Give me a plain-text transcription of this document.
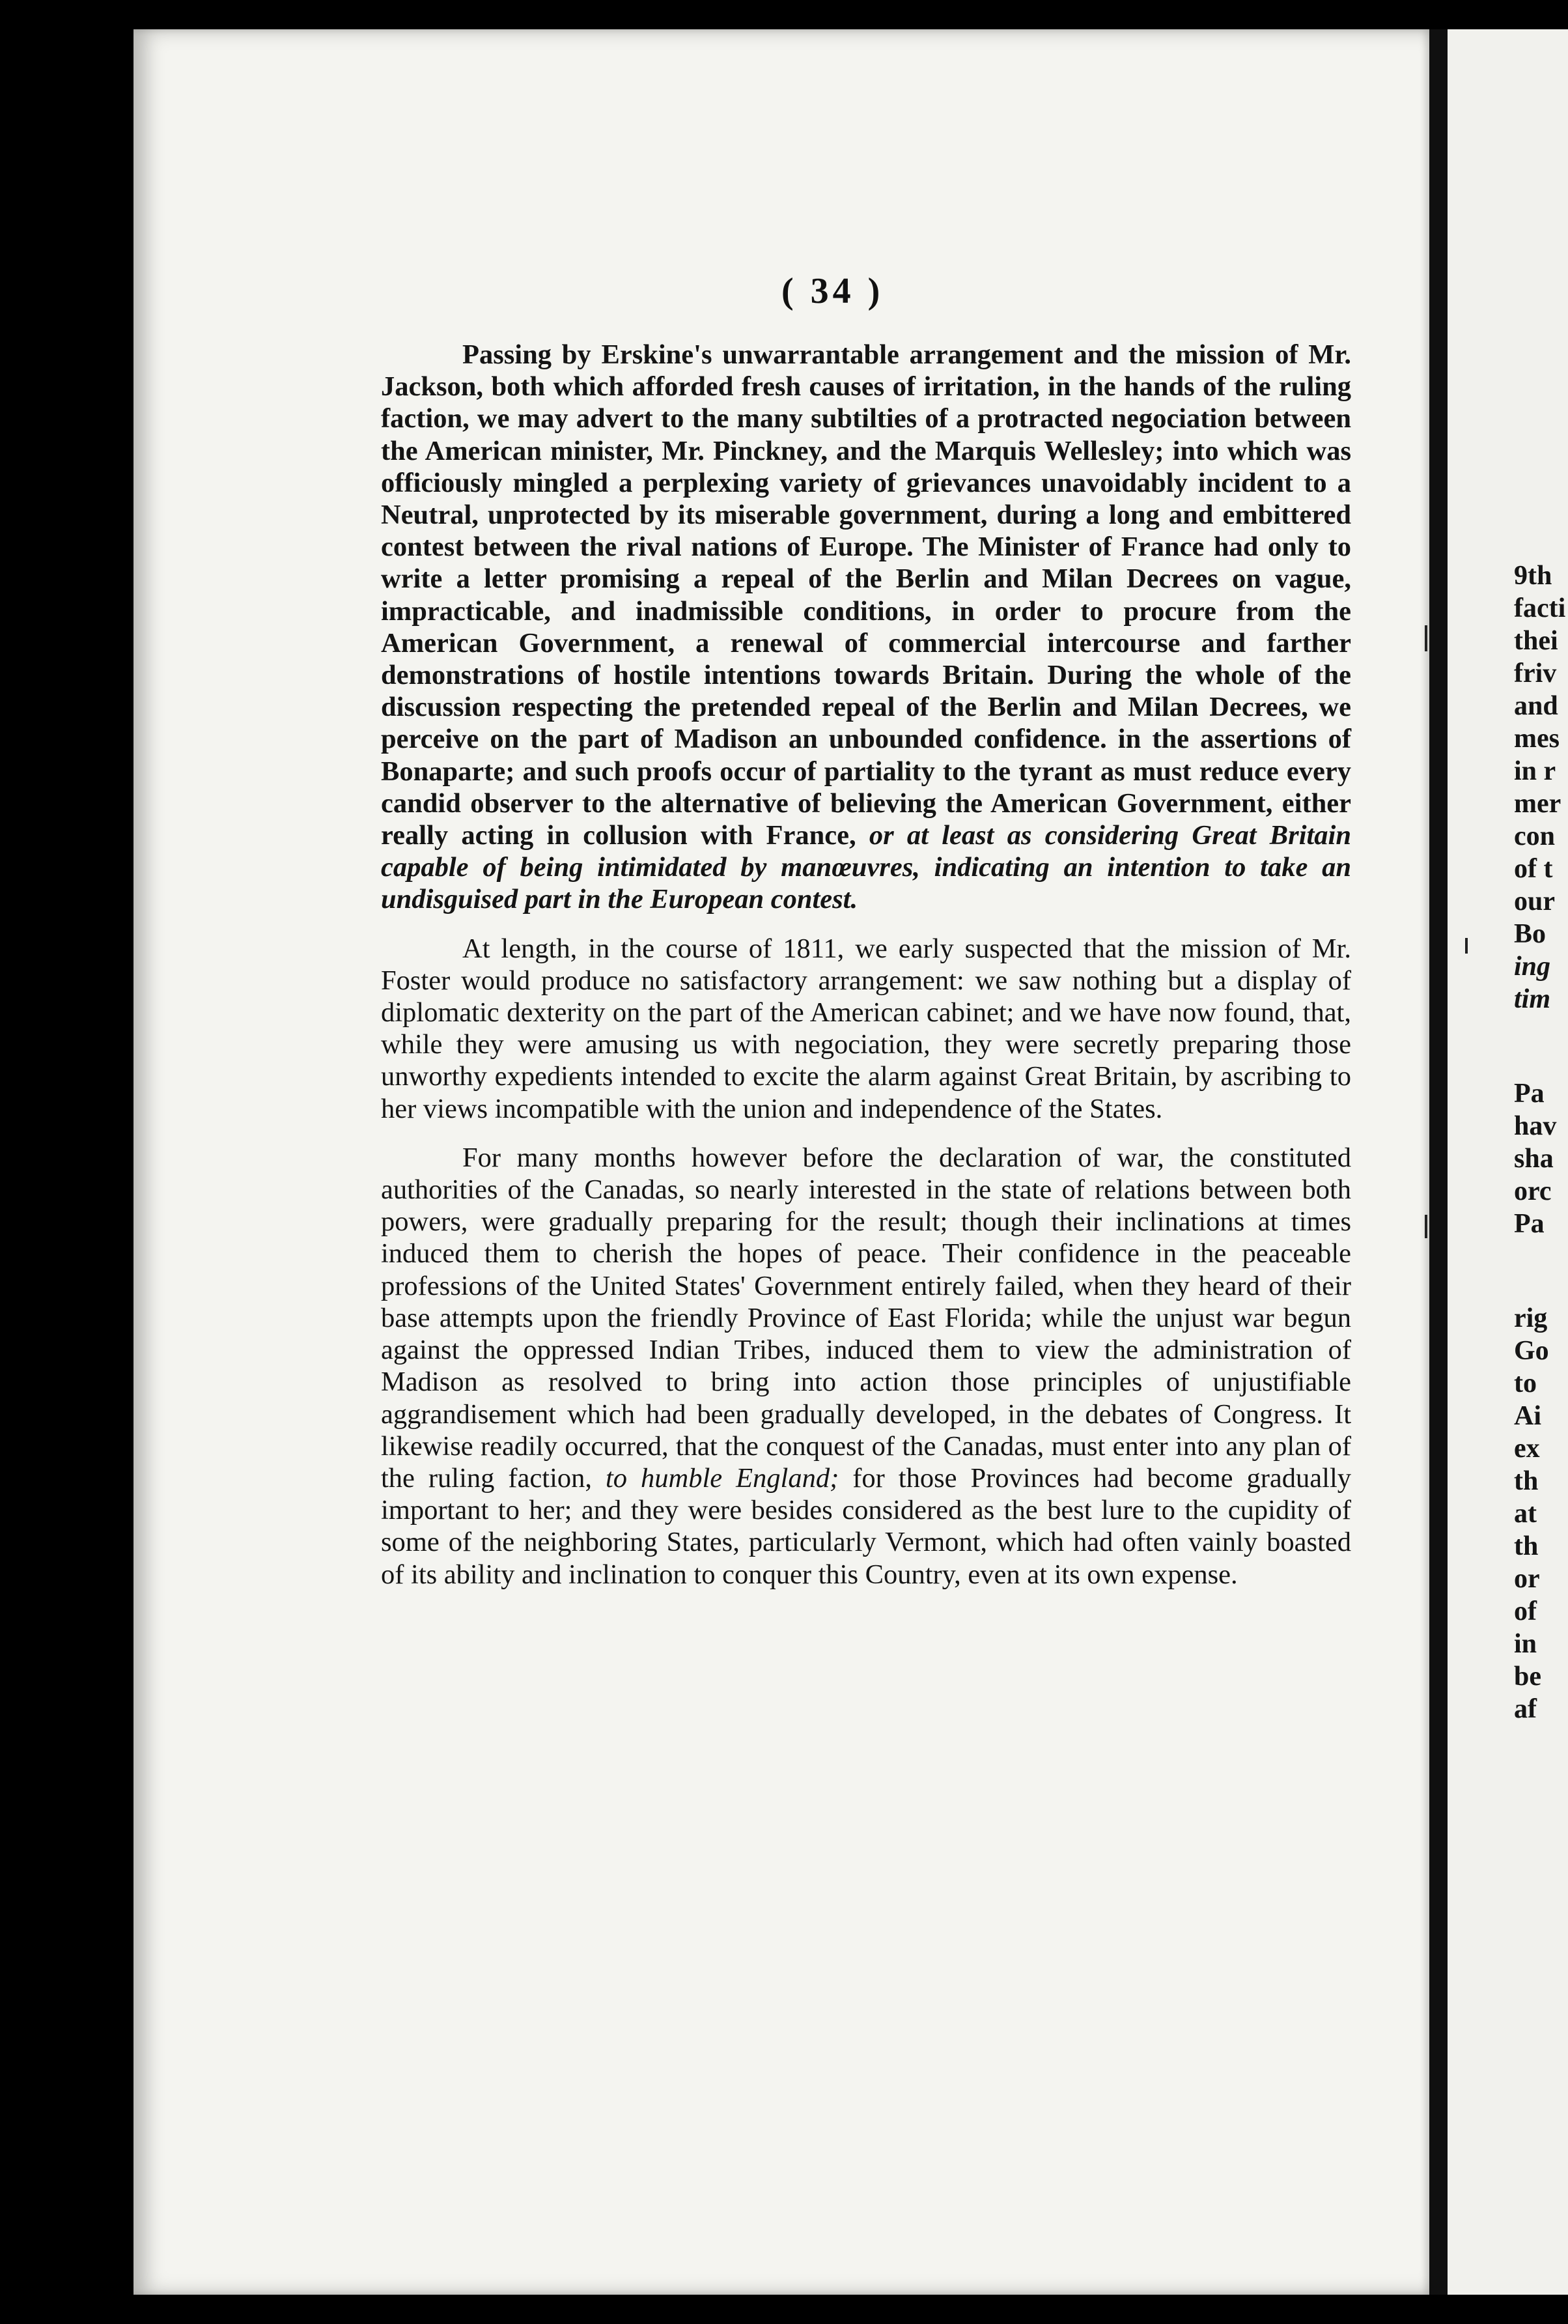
( 34 )

Passing by Erskine's unwarrantable arrangement and the mission of Mr. Jackson, both which afforded fresh causes of irritation, in the hands of the ruling faction, we may advert to the many subtilties of a protracted negociation between the American minister, Mr. Pinckney, and the Marquis Wellesley; into which was officiously mingled a perplexing variety of grievances unavoidably incident to a Neutral, unprotected by its miserable government, during a long and embittered contest between the rival nations of Europe. The Minister of France had only to write a letter promising a repeal of the Berlin and Milan Decrees on vague, impracticable, and inadmissible conditions, in order to procure from the American Government, a renewal of commercial intercourse and farther demonstrations of hostile intentions towards Britain. During the whole of the discussion respecting the pretended repeal of the Berlin and Milan Decrees, we perceive on the part of Madison an unbounded confidence. in the assertions of Bonaparte; and such proofs occur of partiality to the tyrant as must reduce every candid observer to the alternative of believing the American Government, either really acting in collusion with France, or at least as considering Great Britain capable of being intimidated by manœuvres, indicating an intention to take an undisguised part in the European contest.

At length, in the course of 1811, we early suspected that the mission of Mr. Foster would produce no satisfactory arrangement: we saw nothing but a display of diplomatic dexterity on the part of the American cabinet; and we have now found, that, while they were amusing us with negociation, they were secretly preparing those unworthy expedients intended to excite the alarm against Great Britain, by ascribing to her views incompatible with the union and independence of the States.

For many months however before the declaration of war, the constituted authorities of the Canadas, so nearly interested in the state of relations between both powers, were gradually preparing for the result; though their inclinations at times induced them to cherish the hopes of peace. Their confidence in the peaceable professions of the United States' Government entirely failed, when they heard of their base attempts upon the friendly Province of East Florida; while the unjust war begun against the oppressed Indian Tribes, induced them to view the administration of Madison as resolved to bring into action those principles of unjustifiable aggrandisement which had been gradually developed, in the debates of Congress. It likewise readily occurred, that the conquest of the Canadas, must enter into any plan of the ruling faction, to humble England; for those Provinces had become gradually important to her; and they were besides considered as the best lure to the cupidity of some of the neighboring States, particularly Vermont, which had often vainly boasted of its ability and inclination to conquer this Country, even at its own expense.

9th
facti
thei
friv
and
mes
in r
mer
con
of t
our
Bo
ing
tim
Pa
hav
sha
orc
Pa
rig
Go
to
Ai
ex
th
at
th
or
of
in
be
af
